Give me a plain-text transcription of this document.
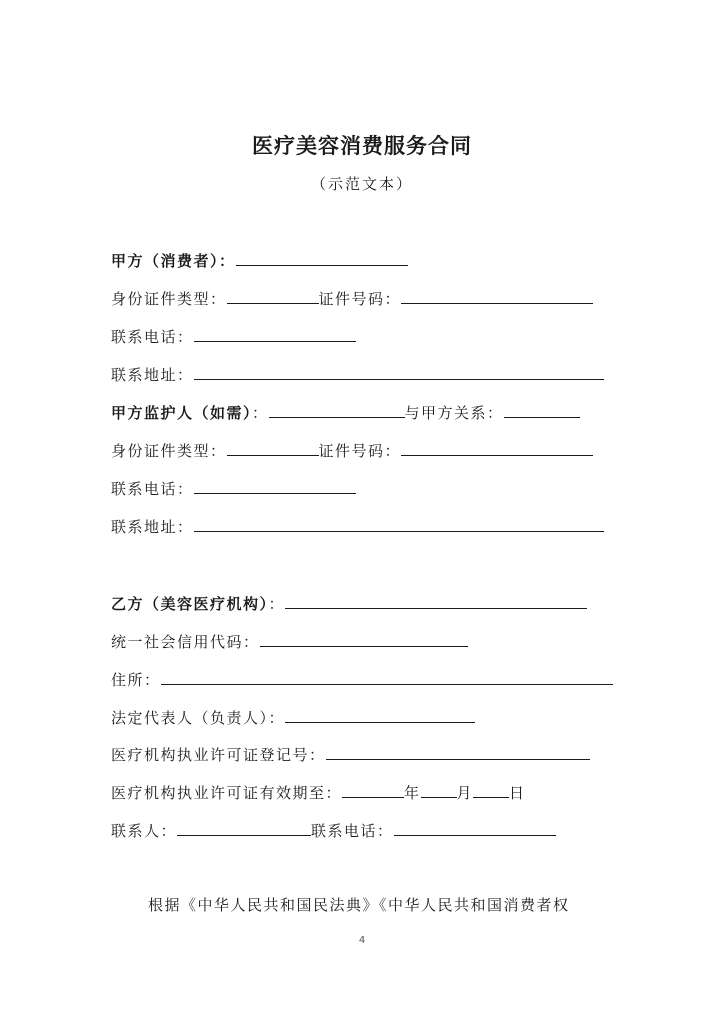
医疗美容消费服务合同
（示范文本）
甲方（消费者）：
身份证件类型：	证件号码：
联系电话：
联系地址：
甲方监护人（如需）：	与甲方关系：
身份证件类型：	证件号码：
联系电话：
联系地址：
乙方（美容医疗机构）：
统一社会信用代码：
住所：
法定代表人（负责人）：
医疗机构执业许可证登记号：
医疗机构执业许可证有效期至：	年 月 日
联系人：	联系电话：
根据《中华人民共和国民法典》《中华人民共和国消费者权
4
